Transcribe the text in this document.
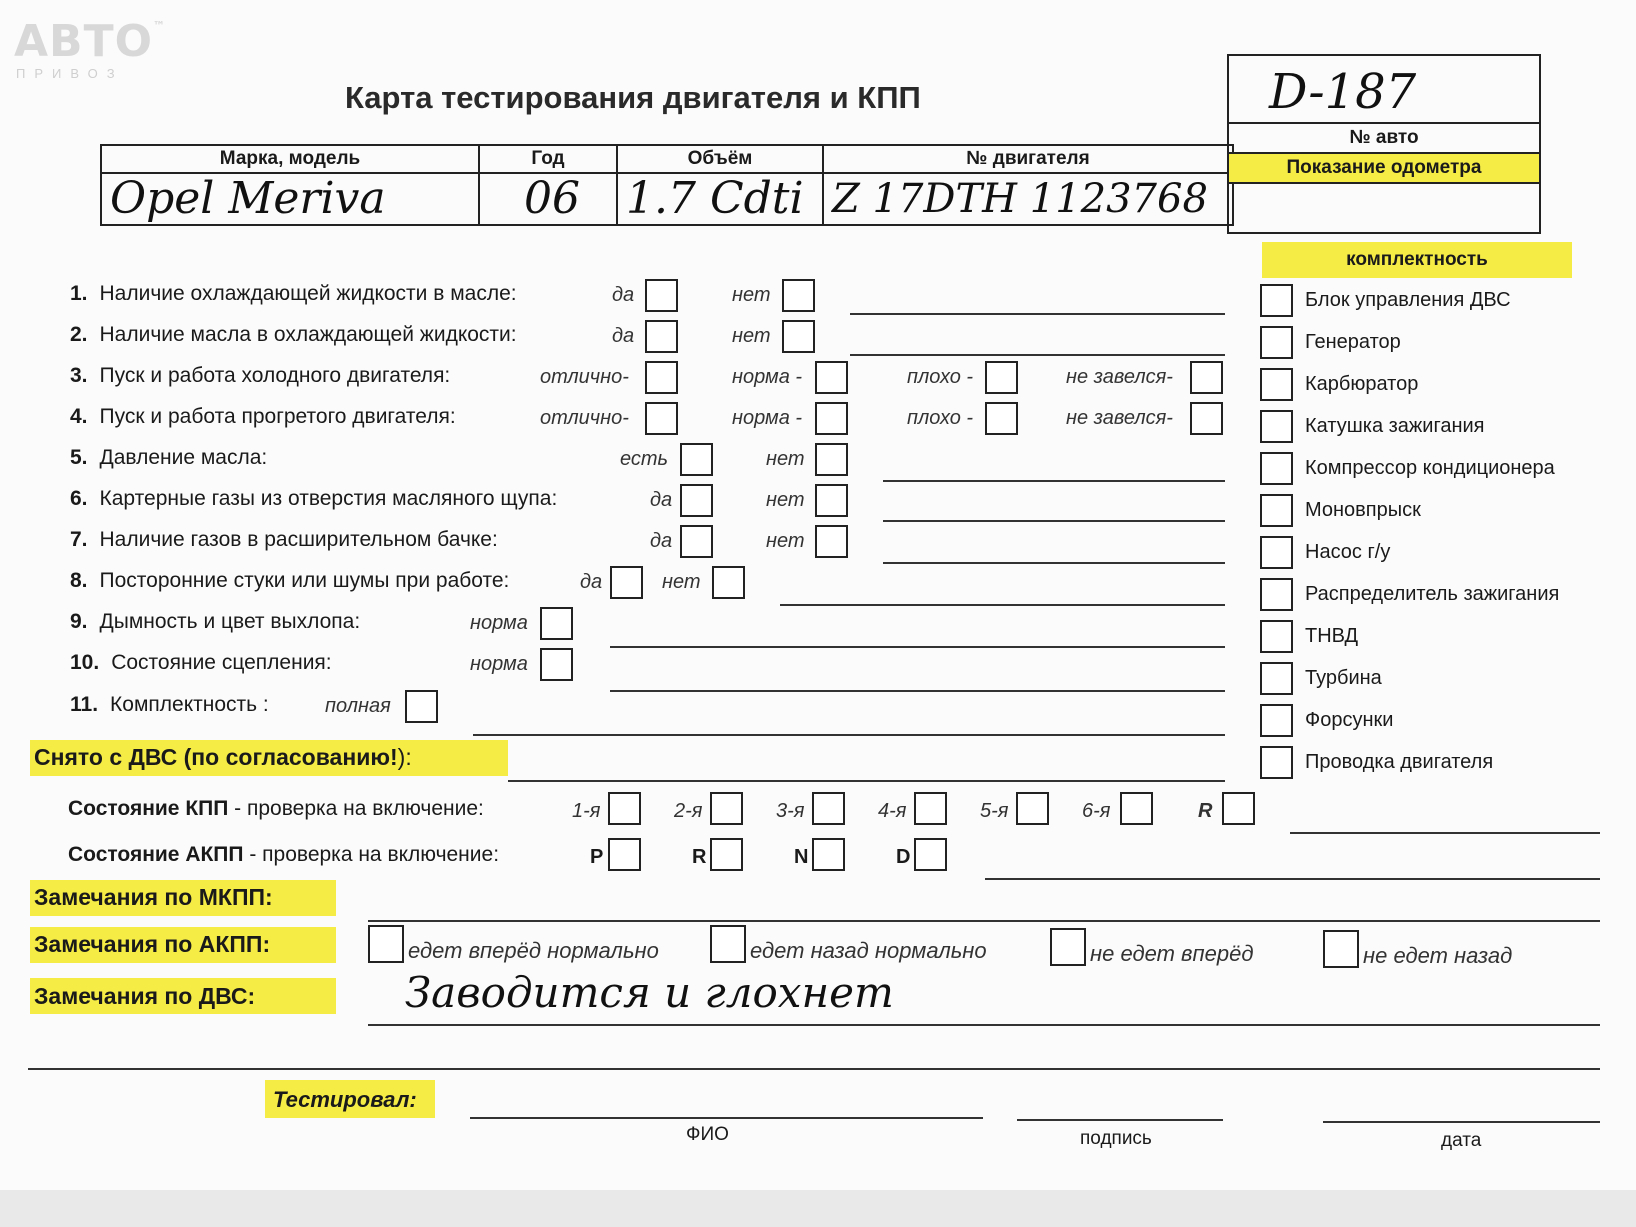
АВТО™
ПРИВОЗ
Карта тестирования двигателя и КПП
Марка, модель	Год	Объём	№ двигателя
Opel Meriva	06	1.7 Cdti	Z 17DTH 1123768
D-187
№ авто
Показание одометра
1. Наличие охлаждающей жидкости в масле:	да	нет
2. Наличие масла в охлаждающей жидкости:	да	нет
3. Пуск и работа холодного двигателя:	отлично-	норма -	плохо -	не завелся-
4. Пуск и работа прогретого двигателя:	отлично-	норма -	плохо -	не завелся-
5. Давление масла:	есть	нет
6. Картерные газы из отверстия масляного щупа:	да	нет
7. Наличие газов в расширительном бачке:	да	нет
8. Посторонние стуки или шумы при работе:	да	нет
9. Дымность и цвет выхлопа:	норма
10. Состояние сцепления:	норма
11. Комплектность :	полная
комплектность
Блок управления ДВС
Генератор
Карбюратор
Катушка зажигания
Компрессор кондиционера
Моновпрыск
Насос г/у
Распределитель зажигания
ТНВД
Турбина
Форсунки
Проводка двигателя
Снято с ДВС (по согласованию!):
Состояние КПП - проверка на включение:	1-я	2-я	3-я	4-я	5-я	6-я	R
Состояние АКПП - проверка на включение:	P	R	N	D
Замечания по МКПП:
Замечания по АКПП:	едет вперёд нормально	едет назад нормально	не едет вперёд	не едет назад
Замечания по ДВС:	Заводится и глохнет
Тестировал:
ФИО	подпись	дата
